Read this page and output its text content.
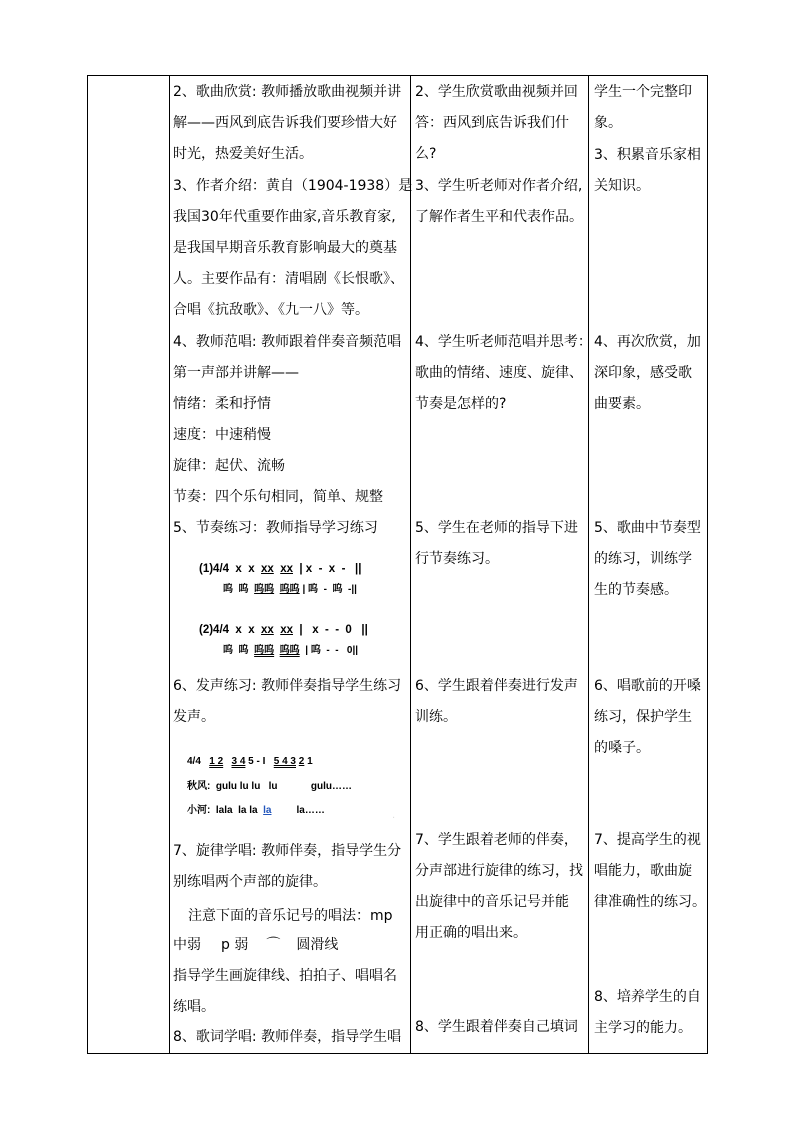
2、歌曲欣赏: 教师播放歌曲视频并讲
解——西风到底告诉我们要珍惜大好
时光，热爱美好生活。
3、作者介绍：黄自（1904-1938）是
我国30年代重要作曲家,音乐教育家,
是我国早期音乐教育影响最大的奠基
人。主要作品有：清唱剧《长恨歌》、
合唱《抗敌歌》、《九一八》等。
4、教师范唱: 教师跟着伴奏音频范唱
第一声部并讲解——
情绪：柔和抒情
速度：中速稍慢
旋律：起伏、流畅
节奏：四个乐句相同，简单、规整
5、节奏练习：教师指导学习练习
(1)4/4  x  x  xx xx  | x  -  x  -   ||
呜  呜  呜呜 呜呜 | 呜  -  呜  -||
(2)4/4  x  x  xx xx  |   x  -  -  0   ||
呜  呜  呜呜 呜呜  | 呜  -  -   0||
6、发声练习: 教师伴奏指导学生练习
发声。
4/4   1 2 3 4 5 - I   5 4 3 2 1
秋风:  gulu lu lu   lu            gulu……
小河:  lala  la la  la         la……
·
7、旋律学唱: 教师伴奏，指导学生分
别练唱两个声部的旋律。
注意下面的音乐记号的唱法：mp
中弱 p 弱 ⌒ 圆滑线
指导学生画旋律线、拍拍子、唱唱名
练唱。
8、歌词学唱: 教师伴奏，指导学生唱
2、学生欣赏歌曲视频并回
答：西风到底告诉我们什
么?
3、学生听老师对作者介绍,
了解作者生平和代表作品。
4、学生听老师范唱并思考：
歌曲的情绪、速度、旋律、
节奏是怎样的?
5、学生在老师的指导下进
行节奏练习。
6、学生跟着伴奏进行发声
训练。
7、学生跟着老师的伴奏，
分声部进行旋律的练习，找
出旋律中的音乐记号并能
用正确的唱出来。
8、学生跟着伴奏自己填词
学生一个完整印
象。
3、积累音乐家相
关知识。
4、再次欣赏，加
深印象，感受歌
曲要素。
5、歌曲中节奏型
的练习，训练学
生的节奏感。
6、唱歌前的开嗓
练习，保护学生
的嗓子。
7、提高学生的视
唱能力，歌曲旋
律准确性的练习。
8、培养学生的自
主学习的能力。
